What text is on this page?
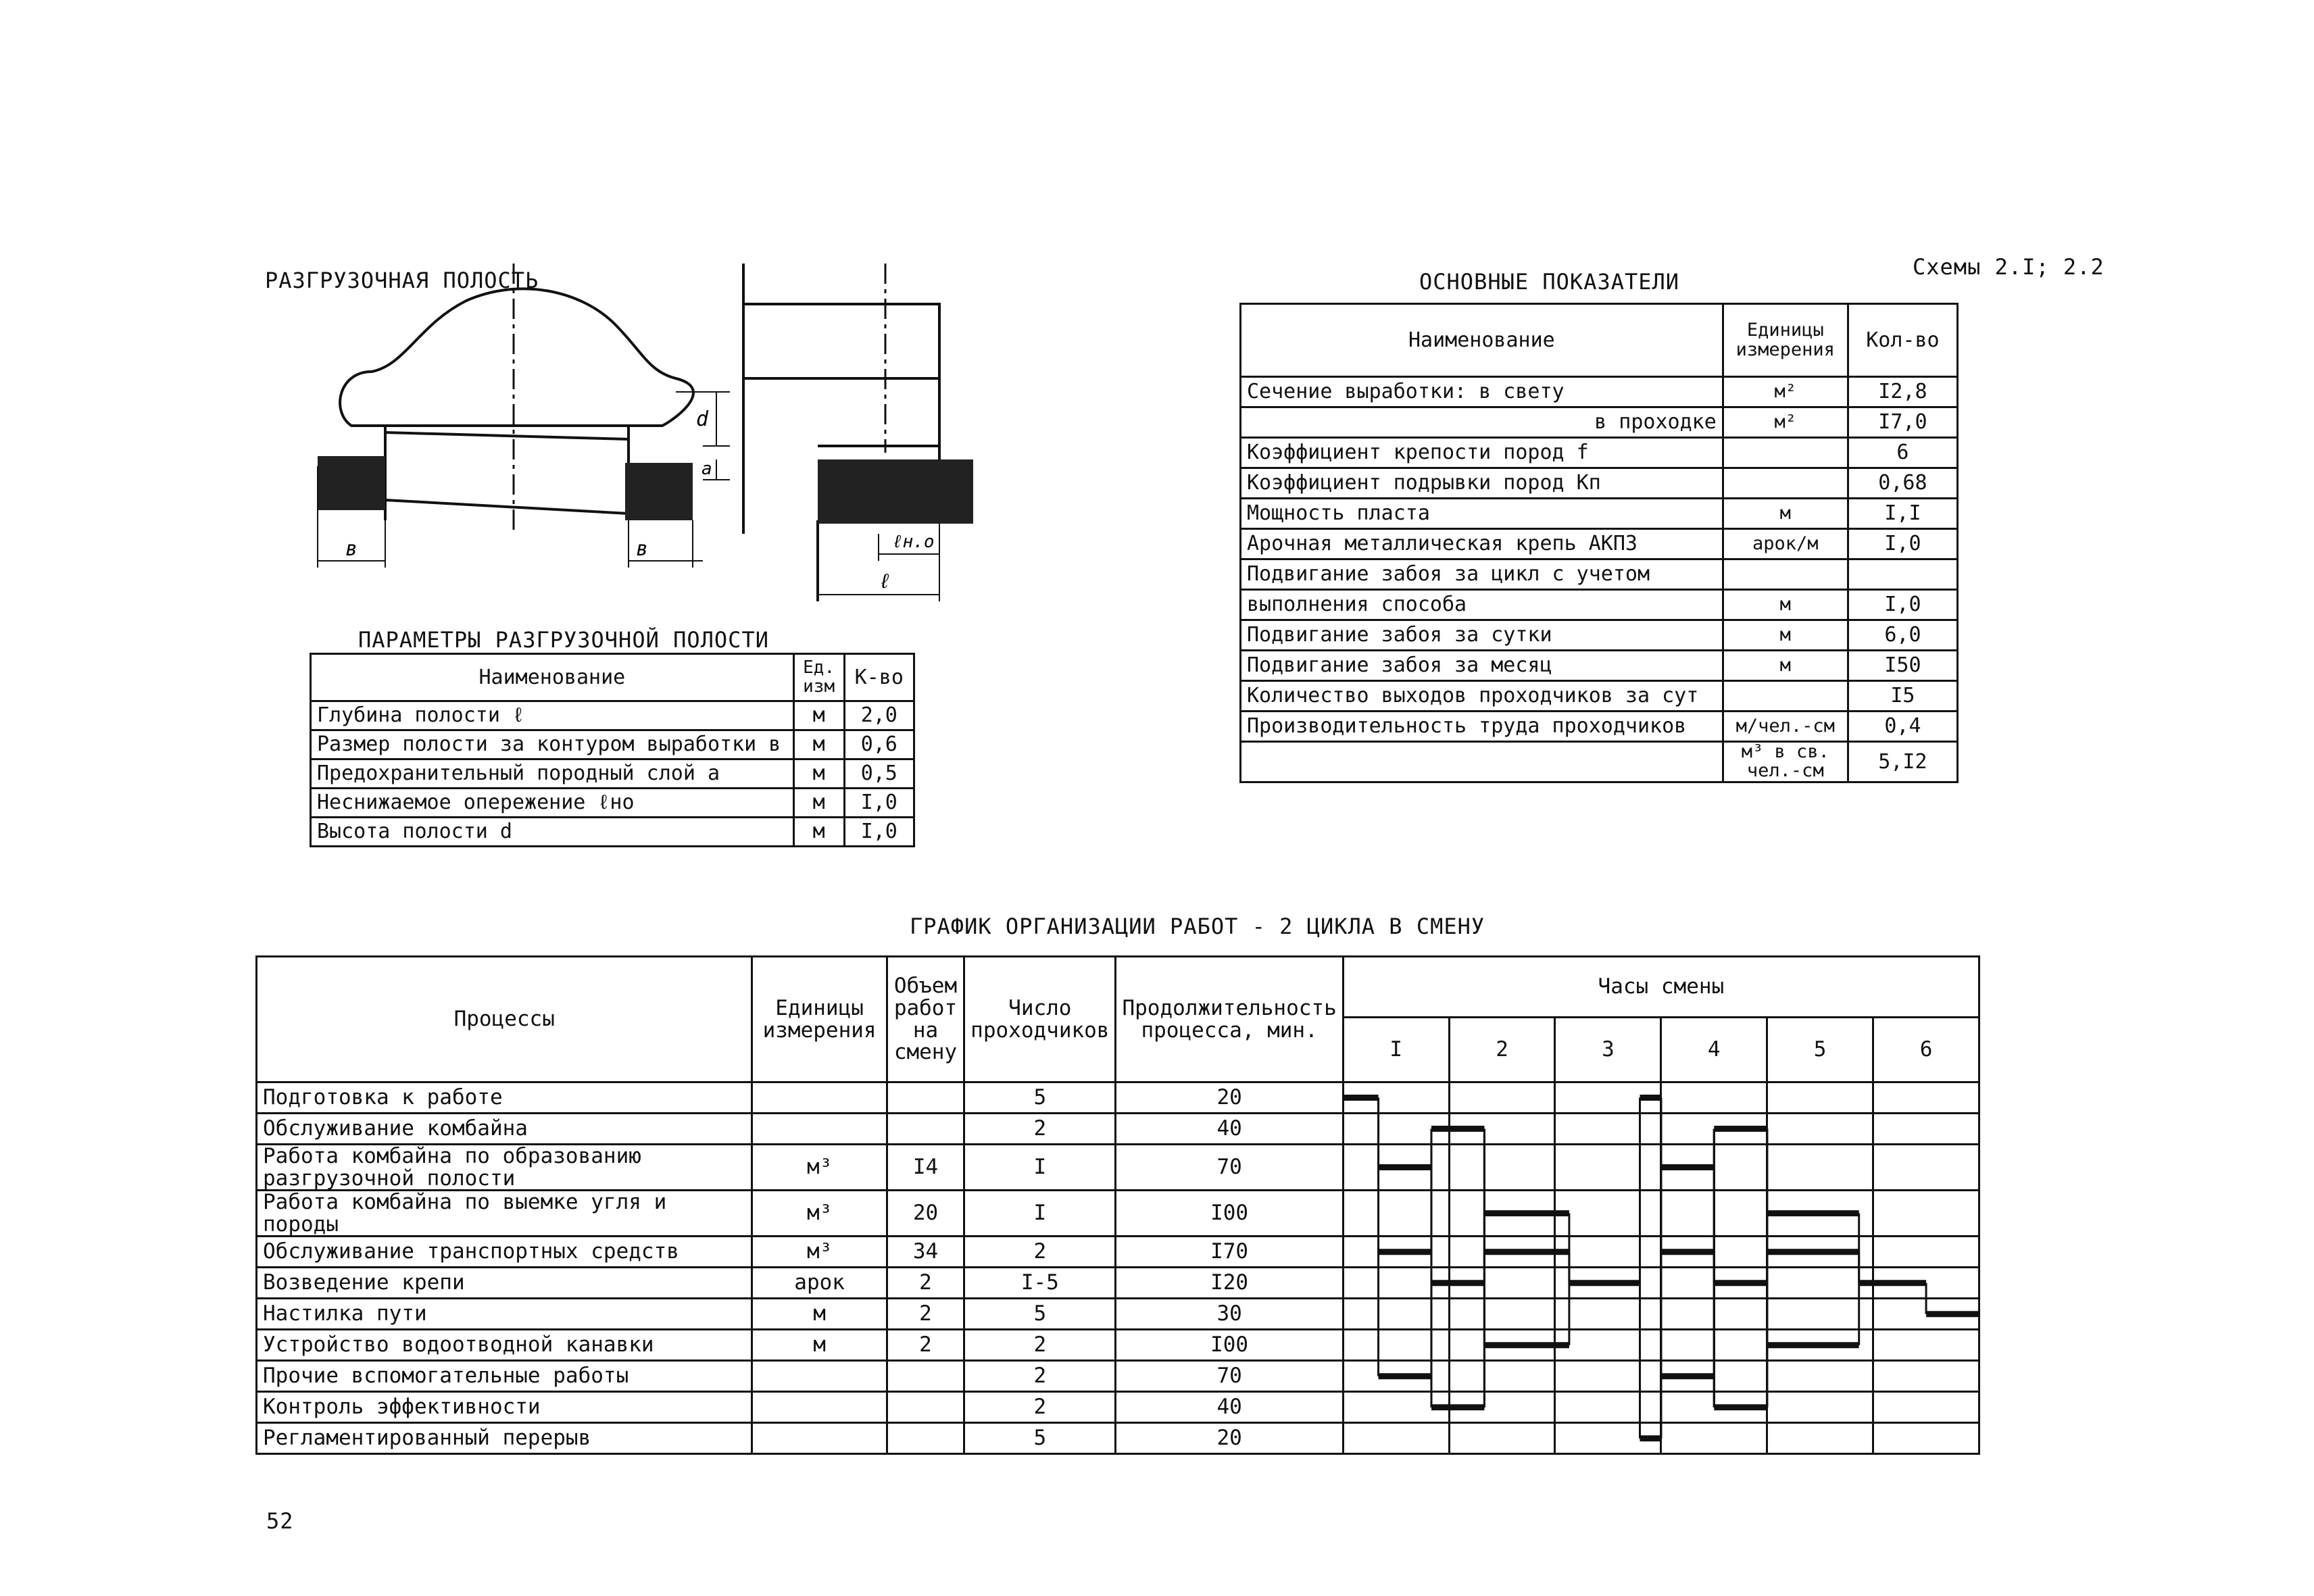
Схемы 2.I; 2.2
52
РАЗГРУЗОЧНАЯ ПОЛОСТЬ
в	в
d
a
ℓн.о
ℓ
ПАРАМЕТРЫ РАЗГРУЗОЧНОЙ ПОЛОСТИ
Наименование	Ед. изм	К-во
Глубина полости ℓ	м	2,0
Размер полости за контуром выработки в	м	0,6
Предохранительный породный слой a	м	0,5
Неснижаемое опережение ℓно	м	I,0
Высота полости d	м	I,0
ОСНОВНЫЕ ПОКАЗАТЕЛИ
Наименование	Единицы измерения	Кол-во
Сечение выработки: в свету	м²	I2,8
в проходке	м²	I7,0
Коэффициент крепости пород f		6
Коэффициент подрывки пород Кп		0,68
Мощность пласта	м	I,I
Арочная металлическая крепь АКП3	арок/м	I,0
Подвигание забоя за цикл с учетом		
выполнения способа	м	I,0
Подвигание забоя за сутки	м	6,0
Подвигание забоя за месяц	м	I50
Количество выходов проходчиков за сут		I5
Производительность труда проходчиков	м/чел.-см	0,4
	м³ в св. чел.-см	5,I2
ГРАФИК ОРГАНИЗАЦИИ РАБОТ - 2 ЦИКЛА В СМЕНУ
Процессы	Единицы измерения	Объем работ на смену	Число проходчиков	Продолжительность процесса, мин.	Часы смены					
					I	2	3	4	5	6
Подготовка к работе			5	20						
Обслуживание комбайна			2	40						
Работа комбайна по образованию разгрузочной полости	м³	I4	I	70						
Работа комбайна по выемке угля и породы	м³	20	I	I00						
Обслуживание транспортных средств	м³	34	2	I70						
Возведение крепи	арок	2	I-5	I20						
Настилка пути	м	2	5	30						
Устройство водоотводной канавки	м	2	2	I00						
Прочие вспомогательные работы			2	70						
Контроль эффективности			2	40						
Регламентированный перерыв			5	20						
